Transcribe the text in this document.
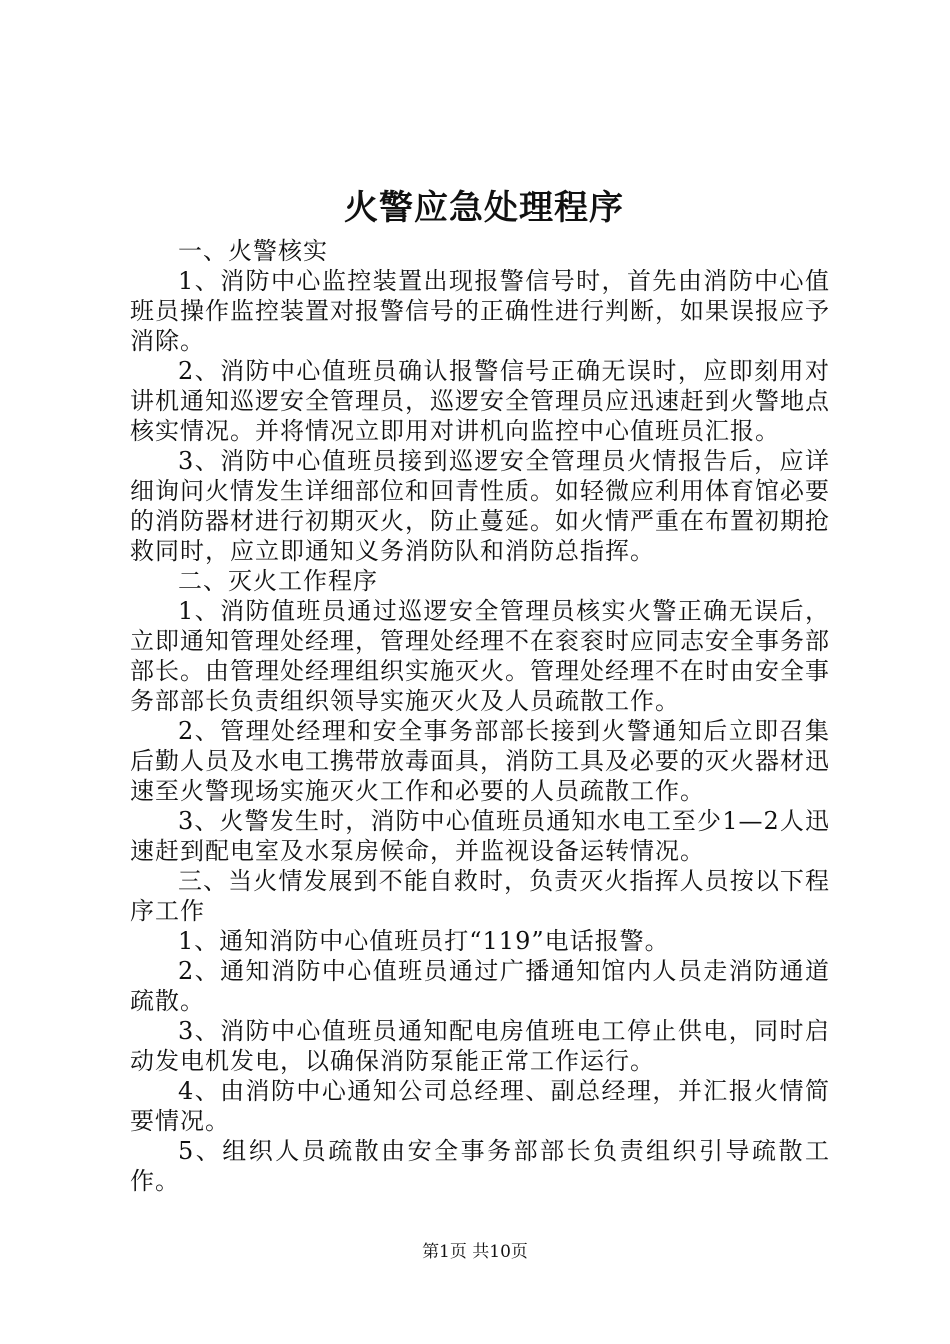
火警应急处理程序

一、火警核实

1、消防中心监控装置出现报警信号时，首先由消防中心值班员操作监控装置对报警信号的正确性进行判断，如果误报应予消除。

2、消防中心值班员确认报警信号正确无误时，应即刻用对讲机通知巡逻安全管理员，巡逻安全管理员应迅速赶到火警地点核实情况。并将情况立即用对讲机向监控中心值班员汇报。

3、消防中心值班员接到巡逻安全管理员火情报告后，应详细询问火情发生详细部位和回青性质。如轻微应利用体育馆必要的消防器材进行初期灭火，防止蔓延。如火情严重在布置初期抢救同时，应立即通知义务消防队和消防总指挥。

二、灭火工作程序

1、消防值班员通过巡逻安全管理员核实火警正确无误后，立即通知管理处经理，管理处经理不在衮衮时应同志安全事务部部长。由管理处经理组织实施灭火。管理处经理不在时由安全事务部部长负责组织领导实施灭火及人员疏散工作。

2、管理处经理和安全事务部部长接到火警通知后立即召集后勤人员及水电工携带放毒面具，消防工具及必要的灭火器材迅速至火警现场实施灭火工作和必要的人员疏散工作。

3、火警发生时，消防中心值班员通知水电工至少1—2人迅速赶到配电室及水泵房候命，并监视设备运转情况。

三、当火情发展到不能自救时，负责灭火指挥人员按以下程序工作

1、通知消防中心值班员打“119”电话报警。

2、通知消防中心值班员通过广播通知馆内人员走消防通道疏散。

3、消防中心值班员通知配电房值班电工停止供电，同时启动发电机发电，以确保消防泵能正常工作运行。

4、由消防中心通知公司总经理、副总经理，并汇报火情简要情况。

5、组织人员疏散由安全事务部部长负责组织引导疏散工作。

第1页 共10页
